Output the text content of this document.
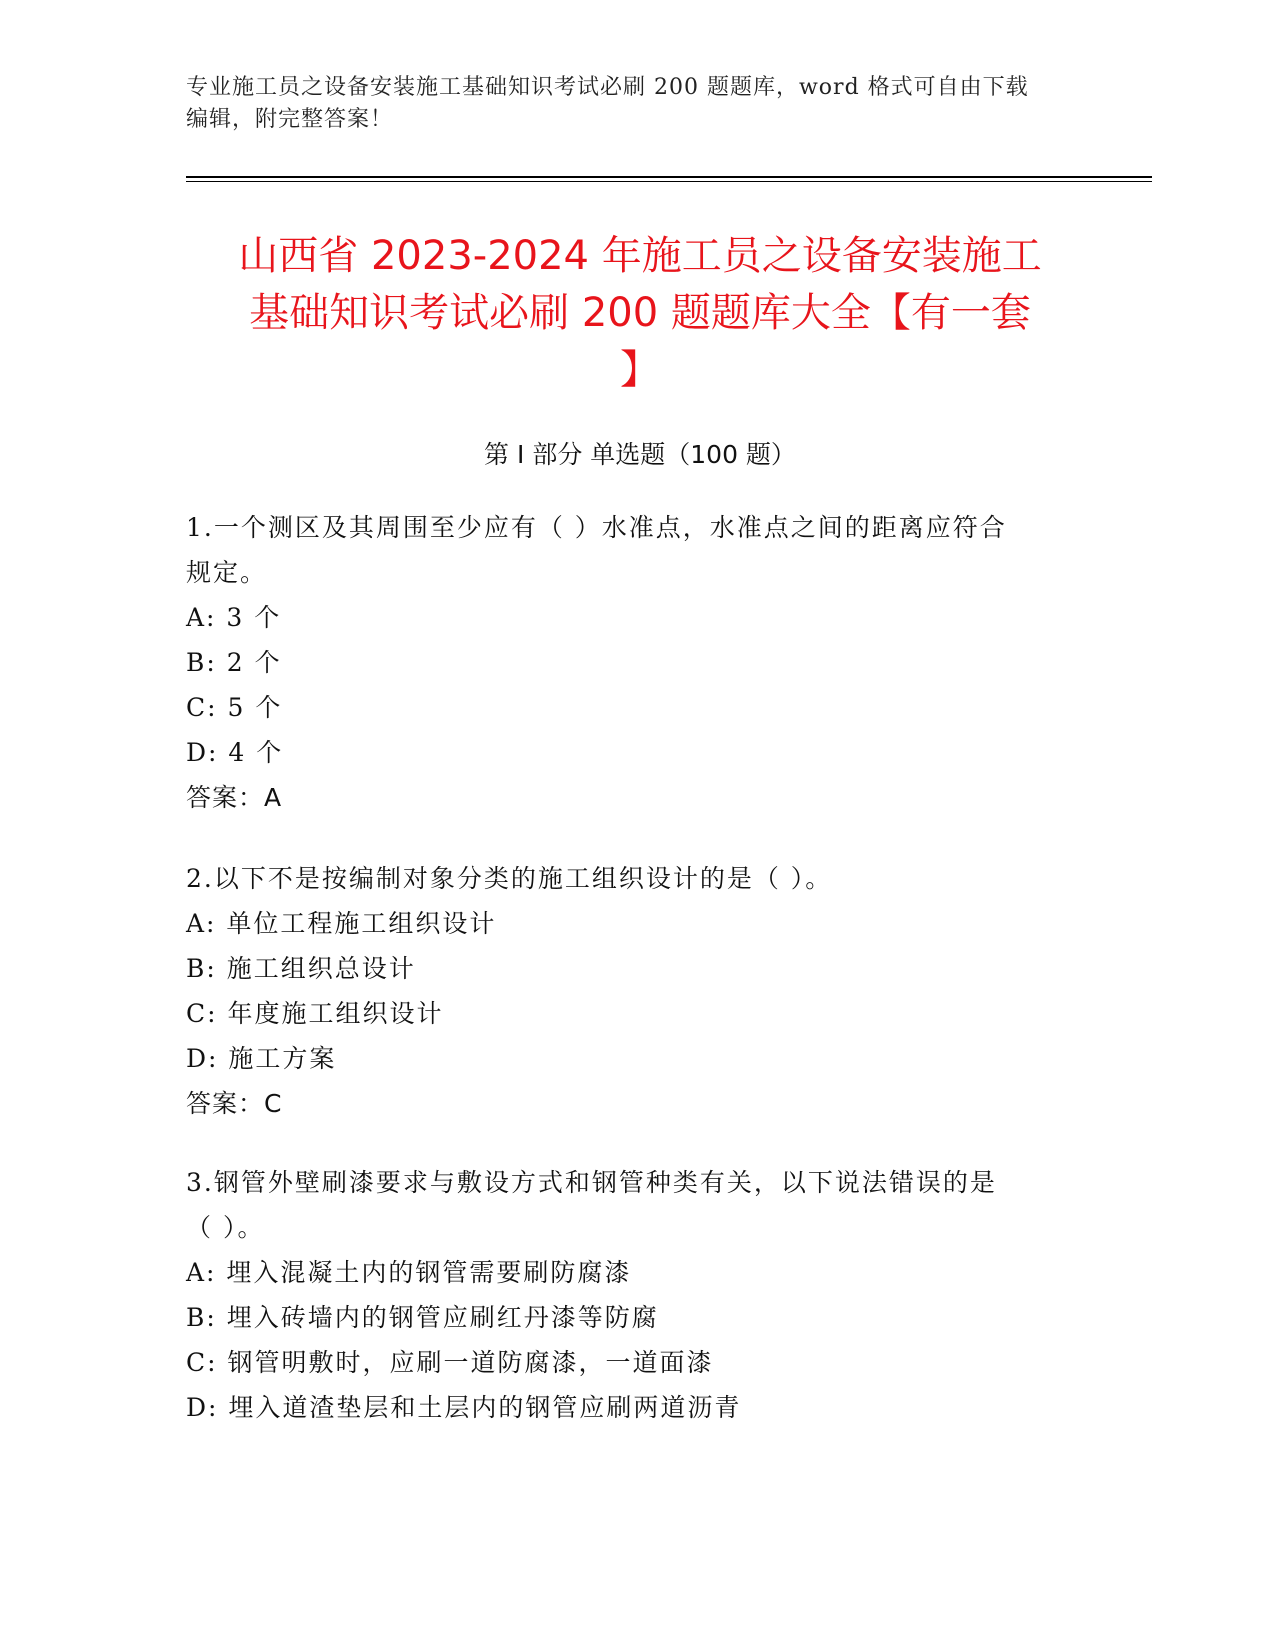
专业施工员之设备安装施工基础知识考试必刷 200 题题库，word 格式可自由下载
编辑，附完整答案！
山西省 2023-2024 年施工员之设备安装施工
基础知识考试必刷 200 题题库大全【有一套
】
第 I 部分 单选题（100 题）
1.一个测区及其周围至少应有（ ）水准点，水准点之间的距离应符合
规定。
A: 3 个
B: 2 个
C: 5 个
D: 4 个
答案：A
2.以下不是按编制对象分类的施工组织设计的是（ ）。
A: 单位工程施工组织设计
B: 施工组织总设计
C: 年度施工组织设计
D: 施工方案
答案：C
3.钢管外壁刷漆要求与敷设方式和钢管种类有关，以下说法错误的是
（ ）。
A: 埋入混凝土内的钢管需要刷防腐漆
B: 埋入砖墙内的钢管应刷红丹漆等防腐
C: 钢管明敷时，应刷一道防腐漆，一道面漆
D: 埋入道渣垫层和土层内的钢管应刷两道沥青
